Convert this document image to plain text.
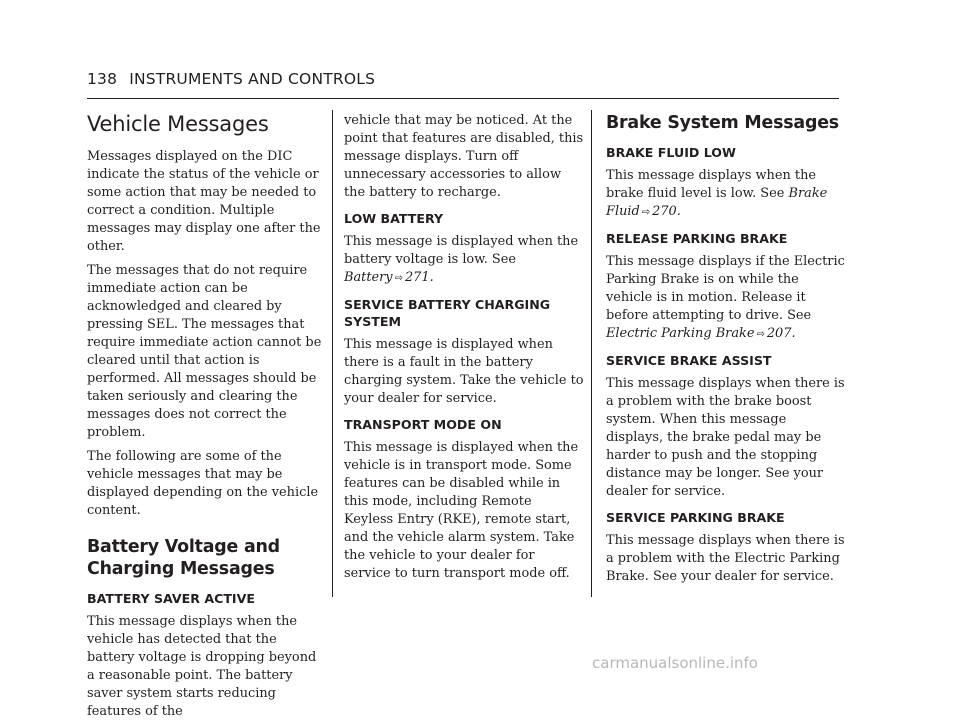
138 INSTRUMENTS AND CONTROLS
Vehicle Messages

Messages displayed on the DIC indicate the status of the vehicle or some action that may be needed to correct a condition. Multiple messages may display one after the other.

The messages that do not require immediate action can be acknowledged and cleared by pressing SEL. The messages that require immediate action cannot be cleared until that action is performed. All messages should be taken seriously and clearing the messages does not correct the problem.

The following are some of the vehicle messages that may be displayed depending on the vehicle content.

Battery Voltage and Charging Messages
BATTERY SAVER ACTIVE

This message displays when the vehicle has detected that the battery voltage is dropping beyond a reasonable point. The battery saver system starts reducing features of the

vehicle that may be noticed. At the point that features are disabled, this message displays. Turn off unnecessary accessories to allow the battery to recharge.

LOW BATTERY

This message is displayed when the battery voltage is low. See Battery ⇨ 271.

SERVICE BATTERY CHARGING SYSTEM

This message is displayed when there is a fault in the battery charging system. Take the vehicle to your dealer for service.

TRANSPORT MODE ON

This message is displayed when the vehicle is in transport mode. Some features can be disabled while in this mode, including Remote Keyless Entry (RKE), remote start, and the vehicle alarm system. Take the vehicle to your dealer for service to turn transport mode off.

Brake System Messages
BRAKE FLUID LOW

This message displays when the brake fluid level is low. See Brake Fluid ⇨ 270.

RELEASE PARKING BRAKE

This message displays if the Electric Parking Brake is on while the vehicle is in motion. Release it before attempting to drive. See Electric Parking Brake ⇨ 207.

SERVICE BRAKE ASSIST

This message displays when there is a problem with the brake boost system. When this message displays, the brake pedal may be harder to push and the stopping distance may be longer. See your dealer for service.

SERVICE PARKING BRAKE

This message displays when there is a problem with the Electric Parking Brake. See your dealer for service.

carmanualsonline.info
